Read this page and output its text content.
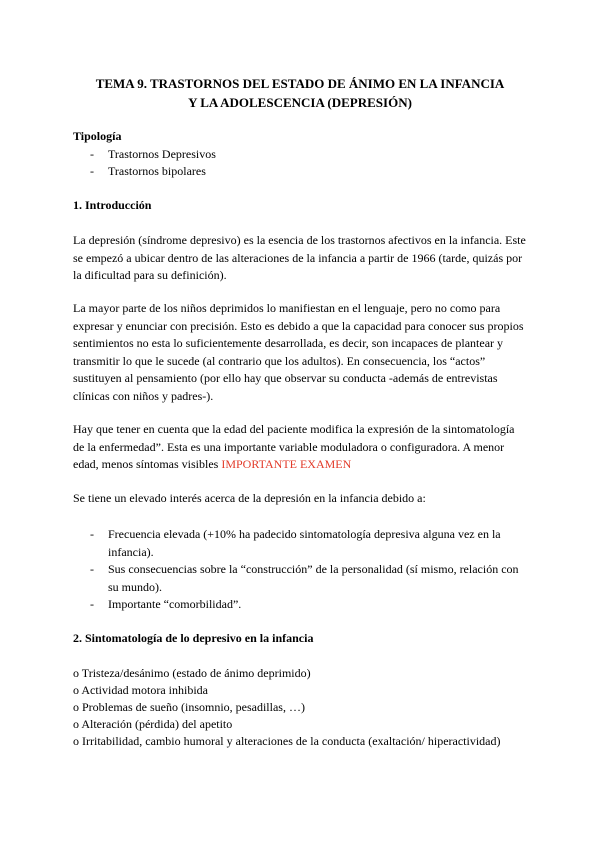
TEMA 9. TRASTORNOS DEL ESTADO DE ÁNIMO EN LA INFANCIA
Y LA ADOLESCENCIA (DEPRESIÓN)
Tipología
-	Trastornos Depresivos
-	Trastornos bipolares
1. Introducción
La depresión (síndrome depresivo) es la esencia de los trastornos afectivos en la infancia. Este se empezó a ubicar dentro de las alteraciones de la infancia a partir de 1966 (tarde, quizás por la dificultad para su definición).
La mayor parte de los niños deprimidos lo manifiestan en el lenguaje, pero no como para expresar y enunciar con precisión. Esto es debido a que la capacidad para conocer sus propios sentimientos no esta lo suficientemente desarrollada, es decir, son incapaces de plantear y transmitir lo que le sucede (al contrario que los adultos). En consecuencia, los “actos” sustituyen al pensamiento (por ello hay que observar su conducta -además de entrevistas clínicas con niños y padres-).
Hay que tener en cuenta que la edad del paciente modifica la expresión de la sintomatología de la enfermedad”. Esta es una importante variable moduladora o configuradora. A menor edad, menos síntomas visibles IMPORTANTE EXAMEN
Se tiene un elevado interés acerca de la depresión en la infancia debido a:
-	Frecuencia elevada (+10% ha padecido sintomatología depresiva alguna vez en la infancia).
-	Sus consecuencias sobre la “construcción” de la personalidad (sí mismo, relación con su mundo).
-	Importante “comorbilidad”.
2. Sintomatología de lo depresivo en la infancia
o Tristeza/desánimo (estado de ánimo deprimido)
o Actividad motora inhibida
o Problemas de sueño (insomnio, pesadillas, …)
o Alteración (pérdida) del apetito
o Irritabilidad, cambio humoral y alteraciones de la conducta (exaltación/ hiperactividad)
